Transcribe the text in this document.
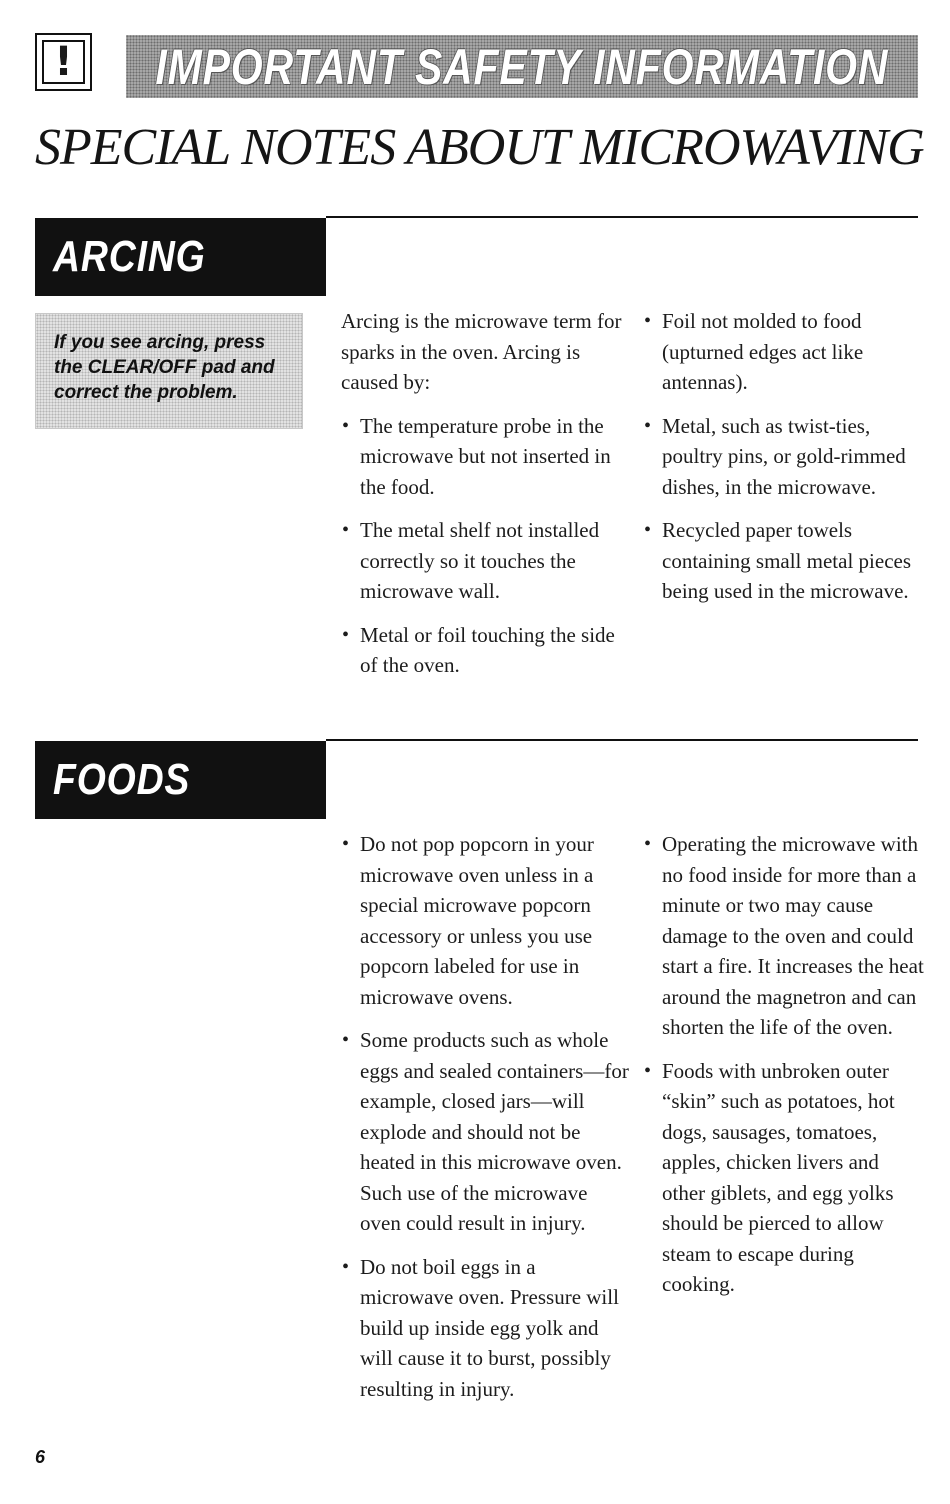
! IMPORTANT SAFETY INFORMATION
SPECIAL NOTES ABOUT MICROWAVING
ARCING

If you see arcing, press the CLEAR/OFF pad and correct the problem.

Arcing is the microwave term for sparks in the oven. Arcing is caused by:

• The temperature probe in the microwave but not inserted in the food.
• The metal shelf not installed correctly so it touches the microwave wall.
• Metal or foil touching the side of the oven.
• Foil not molded to food (upturned edges act like antennas).
• Metal, such as twist-ties, poultry pins, or gold-rimmed dishes, in the microwave.
• Recycled paper towels containing small metal pieces being used in the microwave.
FOODS
• Do not pop popcorn in your microwave oven unless in a special microwave popcorn accessory or unless you use popcorn labeled for use in microwave ovens.
• Some products such as whole eggs and sealed containers—for example, closed jars—will explode and should not be heated in this microwave oven. Such use of the microwave oven could result in injury.
• Do not boil eggs in a microwave oven. Pressure will build up inside egg yolk and will cause it to burst, possibly resulting in injury.
• Operating the microwave with no food inside for more than a minute or two may cause damage to the oven and could start a fire. It increases the heat around the magnetron and can shorten the life of the oven.
• Foods with unbroken outer “skin” such as potatoes, hot dogs, sausages, tomatoes, apples, chicken livers and other giblets, and egg yolks should be pierced to allow steam to escape during cooking.
6
